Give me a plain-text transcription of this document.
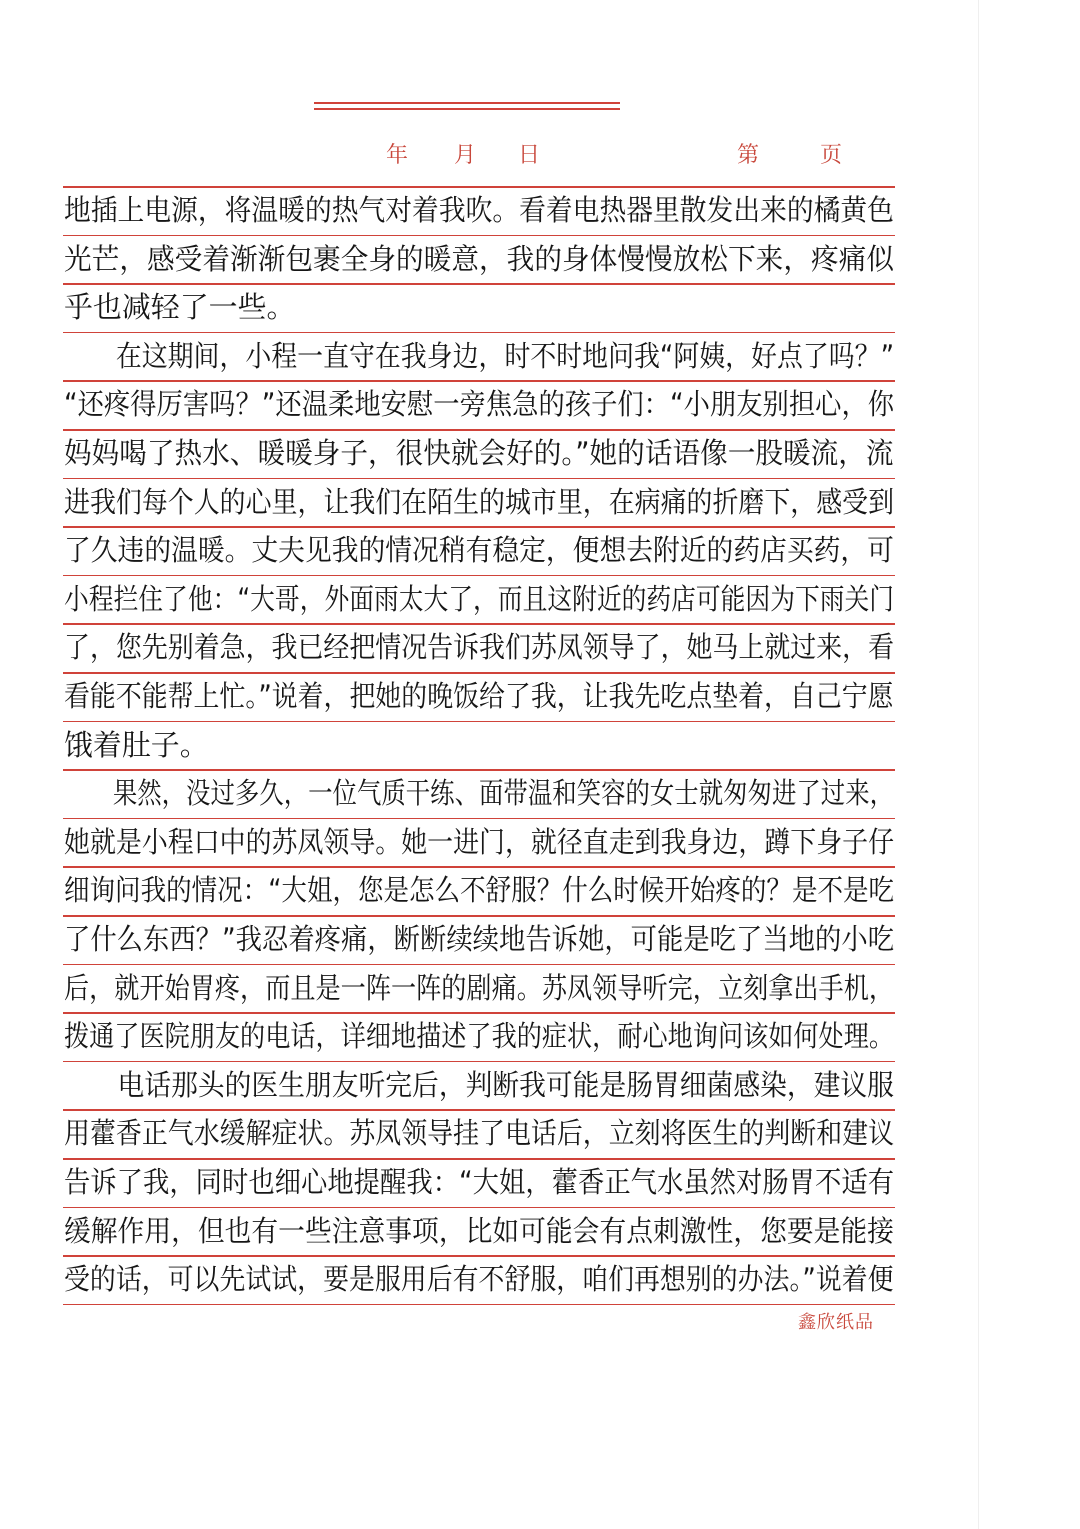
年 月 日	第	页
地插上电源，将温暖的热气对着我吹。看着电热器里散发出来的橘黄色
光芒，感受着渐渐包裹全身的暖意，我的身体慢慢放松下来，疼痛似
乎也减轻了一些。
　　在这期间，小程一直守在我身边，时不时地问我“阿姨，好点了吗？”
“还疼得厉害吗？”还温柔地安慰一旁焦急的孩子们：“小朋友别担心，你
妈妈喝了热水、暖暖身子，很快就会好的。”她的话语像一股暖流，流
进我们每个人的心里，让我们在陌生的城市里，在病痛的折磨下，感受到
了久违的温暖。丈夫见我的情况稍有稳定，便想去附近的药店买药，可
小程拦住了他：“大哥，外面雨太大了，而且这附近的药店可能因为下雨关门
了，您先别着急，我已经把情况告诉我们苏凤领导了，她马上就过来，看
看能不能帮上忙。”说着，把她的晚饭给了我，让我先吃点垫着，自己宁愿
饿着肚子。
　　果然，没过多久，一位气质干练、面带温和笑容的女士就匆匆进了过来，
她就是小程口中的苏凤领导。她一进门，就径直走到我身边，蹲下身子仔
细询问我的情况：“大姐，您是怎么不舒服？什么时候开始疼的？是不是吃
了什么东西？”我忍着疼痛，断断续续地告诉她，可能是吃了当地的小吃
后，就开始胃疼，而且是一阵一阵的剧痛。苏凤领导听完，立刻拿出手机，
拨通了医院朋友的电话，详细地描述了我的症状，耐心地询问该如何处理。
　　电话那头的医生朋友听完后，判断我可能是肠胃细菌感染，建议服
用藿香正气水缓解症状。苏凤领导挂了电话后，立刻将医生的判断和建议
告诉了我，同时也细心地提醒我：“大姐，藿香正气水虽然对肠胃不适有
缓解作用，但也有一些注意事项，比如可能会有点刺激性，您要是能接
受的话，可以先试试，要是服用后有不舒服，咱们再想别的办法。”说着便
鑫欣纸品
